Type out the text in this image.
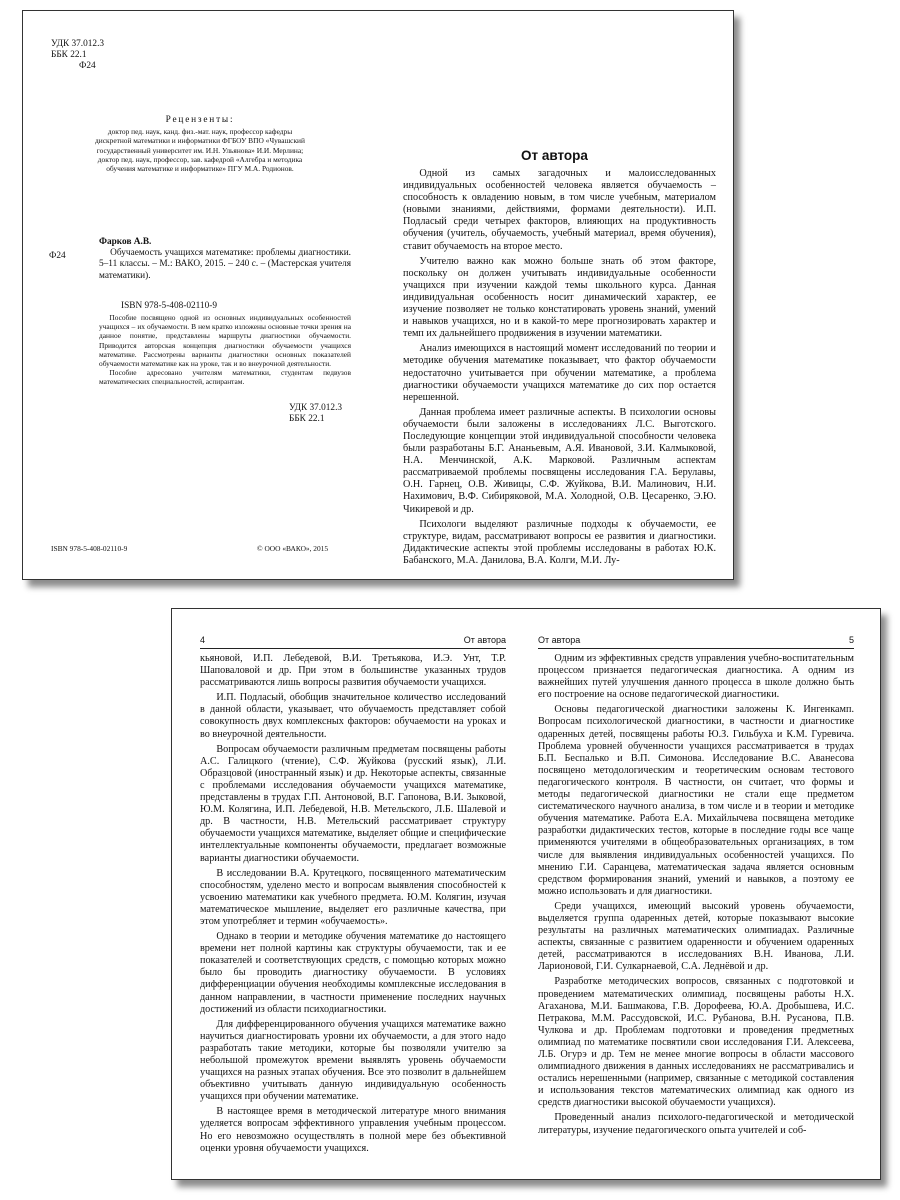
УДК 37.012.3
ББК 22.1
Ф24
Рецензенты:
доктор пед. наук, канд. физ.-мат. наук, профессор кафедры
дискретной математики и информатики ФГБОУ ВПО «Чувашский
государственный университет им. И.Н. Ульянова» И.И. Мерлина;
доктор пед. наук, профессор, зав. кафедрой «Алгебра и методика
обучения математике и информатике» ПГУ М.А. Родионов.
Ф24
Фарков А.В.
Обучаемость учащихся математике: проблемы диагностики. 5–11 классы. – М.: ВАКО, 2015. – 240 с. – (Мастерская учителя математики).
ISBN 978-5-408-02110-9

Пособие посвящено одной из основных индивидуальных особенностей учащихся – их обучаемости. В нем кратко изложены основные точки зрения на данное понятие, представлены маршруты диагностики обучаемости. Приводится авторская концепция диагностики обучаемости учащихся математике. Рассмотрены варианты диагностики основных показателей обучаемости математике как на уроке, так и во внеурочной деятельности.

Пособие адресовано учителям математики, студентам педвузов математических специальностей, аспирантам.

УДК 37.012.3
ББК 22.1
ISBN 978-5-408-02110-9	© ООО «ВАКО», 2015
От автора

Одной из самых загадочных и малоисследованных индивидуальных особенностей человека является обучаемость – способность к овладению новым, в том числе учебным, материалом (новыми знаниями, действиями, формами деятельности). И.П. Подласый среди четырех факторов, влияющих на продуктивность обучения (учитель, обучаемость, учебный материал, время обучения), ставит обучаемость на второе место.

Учителю важно как можно больше знать об этом факторе, поскольку он должен учитывать индивидуальные особенности учащихся при изучении каждой темы школьного курса. Данная индивидуальная особенность носит динамический характер, ее изучение позволяет не только констатировать уровень знаний, умений и навыков учащихся, но и в какой-то мере прогнозировать характер и темп их дальнейшего продвижения в изучении математики.

Анализ имеющихся в настоящий момент исследований по теории и методике обучения математике показывает, что фактор обучаемости недостаточно учитывается при обучении математике, а проблема диагностики обучаемости учащихся математике до сих пор остается нерешенной.

Данная проблема имеет различные аспекты. В психологии основы обучаемости были заложены в исследованиях Л.С. Выготского. Последующие концепции этой индивидуальной способности человека были разработаны Б.Г. Ананьевым, А.Я. Ивановой, З.И. Калмыковой, Н.А. Менчинской, А.К. Марковой. Различным аспектам рассматриваемой проблемы посвящены исследования Г.А. Берулавы, О.Н. Гарнец, О.В. Живицы, С.Ф. Жуйкова, В.И. Малинович, Н.И. Нахимович, В.Ф. Сибиряковой, М.А. Холодной, О.В. Цесаренко, Э.Ю. Чикиревой и др.

Психологи выделяют различные подходы к обучаемости, ее структуре, видам, рассматривают вопросы ее развития и диагностики. Дидактические аспекты этой проблемы исследованы в работах Ю.К. Бабанского, М.А. Данилова, В.А. Колги, М.И. Лу-

4	От автора

кьяновой, И.П. Лебедевой, В.И. Третьякова, И.Э. Унт, Т.Р. Шаповаловой и др. При этом в большинстве указанных трудов рассматриваются лишь вопросы развития обучаемости учащихся.

И.П. Подласый, обобщив значительное количество исследований в данной области, указывает, что обучаемость представляет собой совокупность двух комплексных факторов: обучаемости на уроках и во внеурочной деятельности.

Вопросам обучаемости различным предметам посвящены работы А.С. Галицкого (чтение), С.Ф. Жуйкова (русский язык), Л.И. Образцовой (иностранный язык) и др. Некоторые аспекты, связанные с проблемами исследования обучаемости учащихся математике, представлены в трудах Г.П. Антоновой, В.Г. Гапонова, В.И. Зыковой, Ю.М. Колягина, И.П. Лебедевой, Н.В. Метельского, Л.Б. Шалевой и др. В частности, Н.В. Метельский рассматривает структуру обучаемости учащихся математике, выделяет общие и специфические интеллектуальные компоненты обучаемости, предлагает возможные варианты диагностики обучаемости.

В исследовании В.А. Крутецкого, посвященного математическим способностям, уделено место и вопросам выявления способностей к усвоению математики как учебного предмета. Ю.М. Колягин, изучая математическое мышление, выделяет его различные качества, при этом употребляет и термин «обучаемость».

Однако в теории и методике обучения математике до настоящего времени нет полной картины как структуры обучаемости, так и ее показателей и соответствующих средств, с помощью которых можно было бы проводить диагностику обучаемости. В условиях дифференциации обучения необходимы комплексные исследования в данном направлении, в частности применение последних научных достижений из области психодиагностики.

Для дифференцированного обучения учащихся математике важно научиться диагностировать уровни их обучаемости, а для этого надо разработать такие методики, которые бы позволяли учителю за небольшой промежуток времени выявлять уровень обучаемости учащихся на разных этапах обучения. Все это позволит в дальнейшем объективно учитывать данную индивидуальную особенность учащихся при обучении математике.

В настоящее время в методической литературе много внимания уделяется вопросам эффективного управления учебным процессом. Но его невозможно осуществлять в полной мере без объективной оценки уровня обучаемости учащихся.

От автора	5

Одним из эффективных средств управления учебно-воспитательным процессом признается педагогическая диагностика. А одним из важнейших путей улучшения данного процесса в школе должно быть его построение на основе педагогической диагностики.

Основы педагогической диагностики заложены К. Ингенкамп. Вопросам психологической диагностики, в частности и диагностике одаренных детей, посвящены работы Ю.З. Гильбуха и К.М. Гуревича. Проблема уровней обученности учащихся рассматривается в трудах Б.П. Беспалько и В.П. Симонова. Исследование В.С. Аванесова посвящено методологическим и теоретическим основам тестового педагогического контроля. В частности, он считает, что формы и методы педагогической диагностики не стали еще предметом систематического научного анализа, в том числе и в теории и методике обучения математике. Работа Е.А. Михайлычева посвящена методике разработки дидактических тестов, которые в последние годы все чаще применяются учителями в общеобразовательных организациях, в том числе для выявления индивидуальных особенностей учащихся. По мнению Г.И. Саранцева, математическая задача является основным средством формирования знаний, умений и навыков, а поэтому ее можно использовать и для диагностики.

Среди учащихся, имеющий высокий уровень обучаемости, выделяется группа одаренных детей, которые показывают высокие результаты на различных математических олимпиадах. Различные аспекты, связанные с развитием одаренности и обучением одаренных детей, рассматриваются в исследованиях В.Н. Иванова, Л.И. Ларионовой, Г.И. Сулкарнаевой, С.А. Леднёвой и др.

Разработке методических вопросов, связанных с подготовкой и проведением математических олимпиад, посвящены работы Н.Х. Агаханова, М.И. Башмакова, Г.В. Дорофеева, Ю.А. Дробышева, И.С. Петракова, М.М. Рассудовской, И.С. Рубанова, В.Н. Русанова, П.В. Чулкова и др. Проблемам подготовки и проведения предметных олимпиад по математике посвятили свои исследования Г.И. Алексеева, Л.Б. Огурэ и др. Тем не менее многие вопросы в области массового олимпиадного движения в данных исследованиях не рассматривались и остались нерешенными (например, связанные с методикой составления и использования текстов математических олимпиад как одного из средств диагностики высокой обучаемости учащихся).

Проведенный анализ психолого-педагогической и методической литературы, изучение педагогического опыта учителей и соб-
